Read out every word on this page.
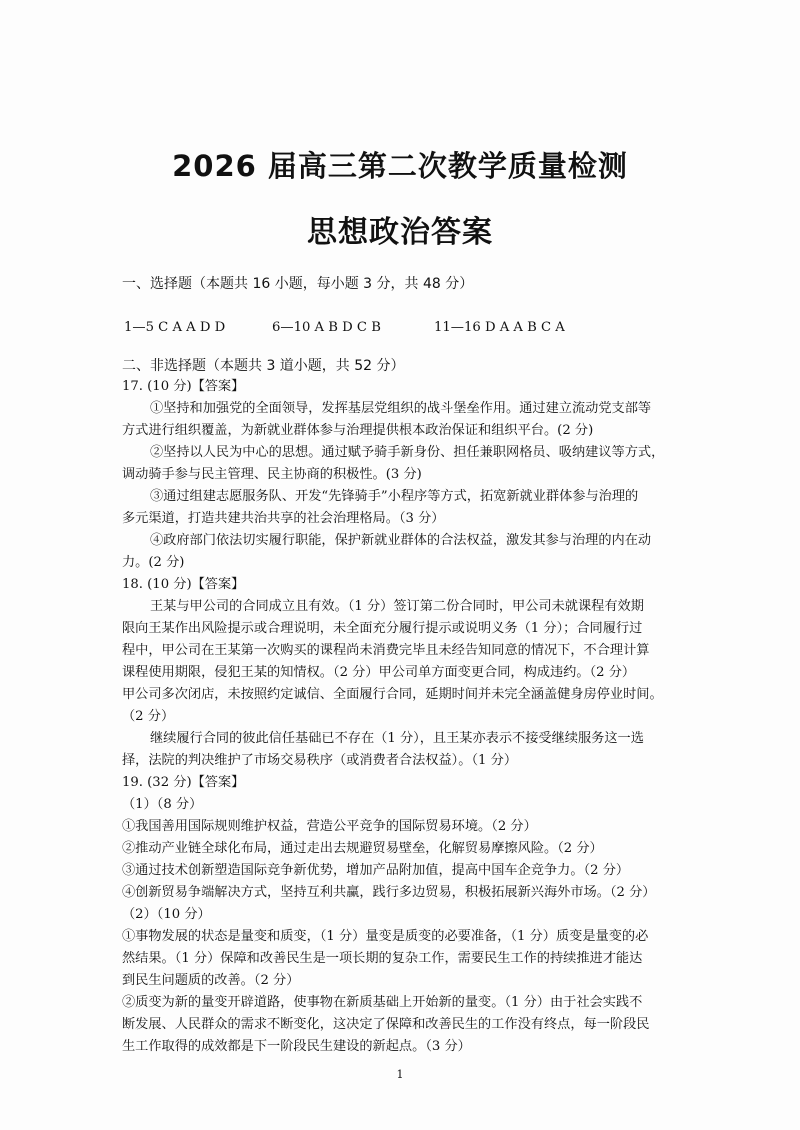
2026 届高三第二次教学质量检测
思想政治答案
一、选择题（本题共 16 小题，每小题 3 分，共 48 分）
1—5 C A A D D	6—10 A B D C B	11—16 D A A B C A
二、非选择题（本题共 3 道小题，共 52 分）
17. (10 分)【答案】
①坚持和加强党的全面领导，发挥基层党组织的战斗堡垒作用。通过建立流动党支部等
方式进行组织覆盖，为新就业群体参与治理提供根本政治保证和组织平台。(2 分)
②坚持以人民为中心的思想。通过赋予骑手新身份、担任兼职网格员、吸纳建议等方式，
调动骑手参与民主管理、民主协商的积极性。(3 分)
③通过组建志愿服务队、开发“先锋骑手”小程序等方式，拓宽新就业群体参与治理的
多元渠道，打造共建共治共享的社会治理格局。（3 分）
④政府部门依法切实履行职能，保护新就业群体的合法权益，激发其参与治理的内在动
力。(2 分)
18. (10 分)【答案】
王某与甲公司的合同成立且有效。（1 分）签订第二份合同时，甲公司未就课程有效期
限向王某作出风险提示或合理说明，未全面充分履行提示或说明义务（1 分）；合同履行过
程中，甲公司在王某第一次购买的课程尚未消费完毕且未经告知同意的情况下，不合理计算
课程使用期限，侵犯王某的知情权。（2 分）甲公司单方面变更合同，构成违约。（2 分）
甲公司多次闭店，未按照约定诚信、全面履行合同，延期时间并未完全涵盖健身房停业时间。
（2 分）
继续履行合同的彼此信任基础已不存在（1 分），且王某亦表示不接受继续服务这一选
择，法院的判决维护了市场交易秩序（或消费者合法权益）。（1 分）
19. (32 分)【答案】
（1）（8 分）
①我国善用国际规则维护权益，营造公平竞争的国际贸易环境。（2 分）
②推动产业链全球化布局，通过走出去规避贸易壁垒，化解贸易摩擦风险。（2 分）
③通过技术创新塑造国际竞争新优势，增加产品附加值，提高中国车企竞争力。（2 分）
④创新贸易争端解决方式，坚持互利共赢，践行多边贸易，积极拓展新兴海外市场。（2 分）
（2）（10 分）
①事物发展的状态是量变和质变，（1 分）量变是质变的必要准备，（1 分）质变是量变的必
然结果。（1 分）保障和改善民生是一项长期的复杂工作，需要民生工作的持续推进才能达
到民生问题质的改善。（2 分）
②质变为新的量变开辟道路，使事物在新质基础上开始新的量变。（1 分）由于社会实践不
断发展、人民群众的需求不断变化，这决定了保障和改善民生的工作没有终点，每一阶段民
生工作取得的成效都是下一阶段民生建设的新起点。（3 分）
1
